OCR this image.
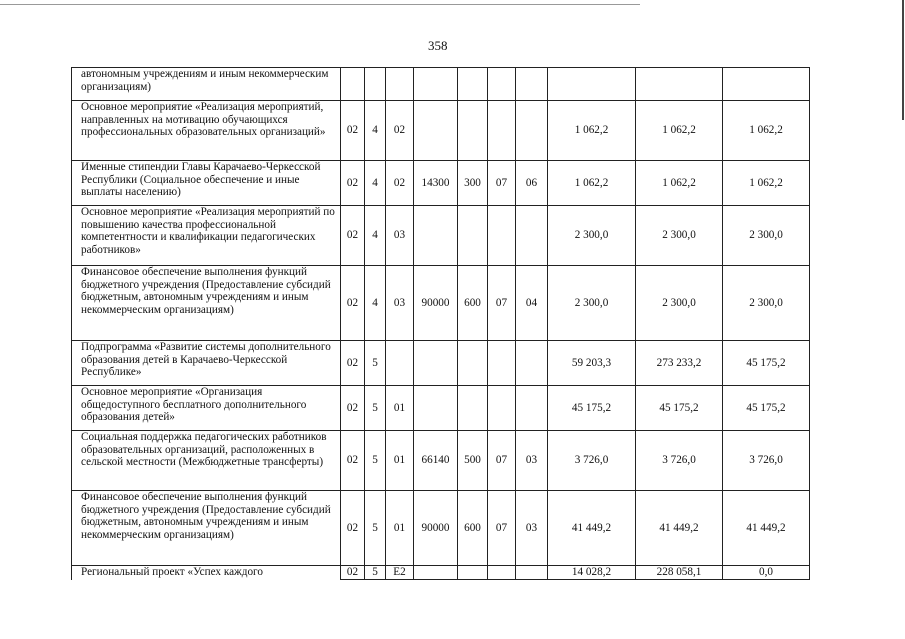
358
автономным учреждениям и иным некоммерческим организациям)										
Основное мероприятие «Реализация мероприятий, направленных на мотивацию обучающихся профессиональных образовательных организаций»	02	4	02					1 062,2	1 062,2	1 062,2
Именные стипендии Главы Карачаево-Черкесской Республики (Социальное обеспечение и иные выплаты населению)	02	4	02	14300	300	07	06	1 062,2	1 062,2	1 062,2
Основное мероприятие «Реализация мероприятий по повышению качества профессиональной компетентности и квалификации педагогических работников»	02	4	03					2 300,0	2 300,0	2 300,0
Финансовое обеспечение выполнения функций бюджетного учреждения (Предоставление субсидий бюджетным, автономным учреждениям и иным некоммерческим организациям)	02	4	03	90000	600	07	04	2 300,0	2 300,0	2 300,0
Подпрограмма «Развитие системы дополнительного образования детей в Карачаево-Черкесской Республике»	02	5						59 203,3	273 233,2	45 175,2
Основное мероприятие «Организация общедоступного бесплатного дополнительного образования детей»	02	5	01					45 175,2	45 175,2	45 175,2
Социальная поддержка педагогических работников образовательных организаций, расположенных в сельской местности (Межбюджетные трансферты)	02	5	01	66140	500	07	03	3 726,0	3 726,0	3 726,0
Финансовое обеспечение выполнения функций бюджетного учреждения (Предоставление субсидий бюджетным, автономным учреждениям и иным некоммерческим организациям)	02	5	01	90000	600	07	03	41 449,2	41 449,2	41 449,2
Региональный проект «Успех каждого	02	5	E2					14 028,2	228 058,1	0,0
